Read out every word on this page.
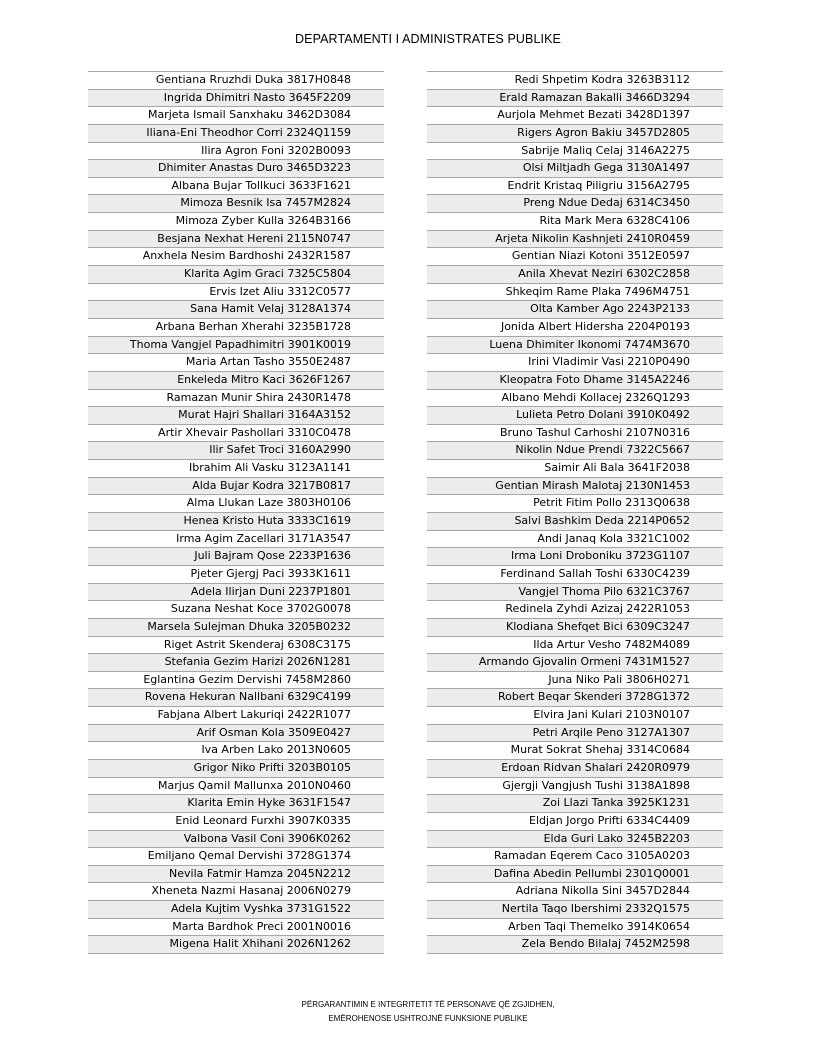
DEPARTAMENTI I ADMINISTRATES PUBLIKE
Gentiana Rruzhdi Duka 3817H0848
Ingrida Dhimitri Nasto 3645F2209
Marjeta Ismail Sanxhaku 3462D3084
Iliana-Eni Theodhor Corri 2324Q1159
Ilira Agron Foni 3202B0093
Dhimiter Anastas Duro 3465D3223
Albana Bujar Tollkuci 3633F1621
Mimoza Besnik Isa 7457M2824
Mimoza Zyber Kulla 3264B3166
Besjana Nexhat Hereni 2115N0747
Anxhela Nesim Bardhoshi 2432R1587
Klarita Agim Graci 7325C5804
Ervis Izet Aliu 3312C0577
Sana Hamit Velaj 3128A1374
Arbana Berhan Xherahi 3235B1728
Thoma Vangjel Papadhimitri 3901K0019
Maria Artan Tasho 3550E2487
Enkeleda Mitro Kaci 3626F1267
Ramazan Munir Shira 2430R1478
Murat Hajri Shallari 3164A3152
Artir Xhevair Pashollari 3310C0478
Ilir Safet Troci 3160A2990
Ibrahim Ali Vasku 3123A1141
Alda Bujar Kodra 3217B0817
Alma Llukan Laze 3803H0106
Henea Kristo Huta 3333C1619
Irma Agim Zacellari 3171A3547
Juli Bajram Qose 2233P1636
Pjeter Gjergj Paci 3933K1611
Adela Ilirjan Duni 2237P1801
Suzana Neshat Koce 3702G0078
Marsela Sulejman Dhuka 3205B0232
Riget Astrit Skenderaj 6308C3175
Stefania Gezim Harizi 2026N1281
Eglantina Gezim Dervishi 7458M2860
Rovena Hekuran Nallbani 6329C4199
Fabjana Albert Lakuriqi 2422R1077
Arif Osman Kola 3509E0427
Iva Arben Lako 2013N0605
Grigor Niko Prifti 3203B0105
Marjus Qamil Mallunxa 2010N0460
Klarita Emin Hyke 3631F1547
Enid Leonard Furxhi 3907K0335
Valbona Vasil Coni 3906K0262
Emiljano Qemal Dervishi 3728G1374
Nevila Fatmir Hamza 2045N2212
Xheneta Nazmi Hasanaj 2006N0279
Adela Kujtim Vyshka 3731G1522
Marta Bardhok Preci 2001N0016
Migena Halit Xhihani 2026N1262
Redi Shpetim Kodra 3263B3112
Erald Ramazan Bakalli 3466D3294
Aurjola Mehmet Bezati 3428D1397
Rigers Agron Bakiu 3457D2805
Sabrije Maliq Celaj 3146A2275
Olsi Miltjadh Gega 3130A1497
Endrit Kristaq Piligriu 3156A2795
Preng Ndue Dedaj 6314C3450
Rita Mark Mera 6328C4106
Arjeta Nikolin Kashnjeti 2410R0459
Gentian Niazi Kotoni 3512E0597
Anila Xhevat Neziri 6302C2858
Shkeqim Rame Plaka 7496M4751
Olta Kamber Ago 2243P2133
Jonida Albert Hidersha 2204P0193
Luena Dhimiter Ikonomi 7474M3670
Irini Vladimir Vasi 2210P0490
Kleopatra Foto Dhame 3145A2246
Albano Mehdi Kollacej 2326Q1293
Lulieta Petro Dolani 3910K0492
Bruno Tashul Carhoshi 2107N0316
Nikolin Ndue Prendi 7322C5667
Saimir Ali Bala 3641F2038
Gentian Mirash Malotaj 2130N1453
Petrit Fitim Pollo 2313Q0638
Salvi Bashkim Deda 2214P0652
Andi Janaq Kola 3321C1002
Irma Loni Droboniku 3723G1107
Ferdinand Sallah Toshi 6330C4239
Vangjel Thoma Pilo 6321C3767
Redinela Zyhdi Azizaj 2422R1053
Klodiana Shefqet Bici 6309C3247
Ilda Artur Vesho 7482M4089
Armando Gjovalin Ormeni 7431M1527
Juna Niko Pali 3806H0271
Robert Beqar Skenderi 3728G1372
Elvira Jani Kulari 2103N0107
Petri Arqile Peno 3127A1307
Murat Sokrat Shehaj 3314C0684
Erdoan Ridvan Shalari 2420R0979
Gjergji Vangjush Tushi 3138A1898
Zoi Llazi Tanka 3925K1231
Eldjan Jorgo Prifti 6334C4409
Elda Guri Lako 3245B2203
Ramadan Eqerem Caco 3105A0203
Dafina Abedin Pellumbi 2301Q0001
Adriana Nikolla Sini 3457D2844
Nertila Taqo Ibershimi 2332Q1575
Arben Taqi Themelko 3914K0654
Zela Bendo Bilalaj 7452M2598
PËRGARANTIMIN E INTEGRITETIT TË PERSONAVE QË ZGJIDHEN,
EMËROHENOSE USHTROJNË FUNKSIONE PUBLIKE
